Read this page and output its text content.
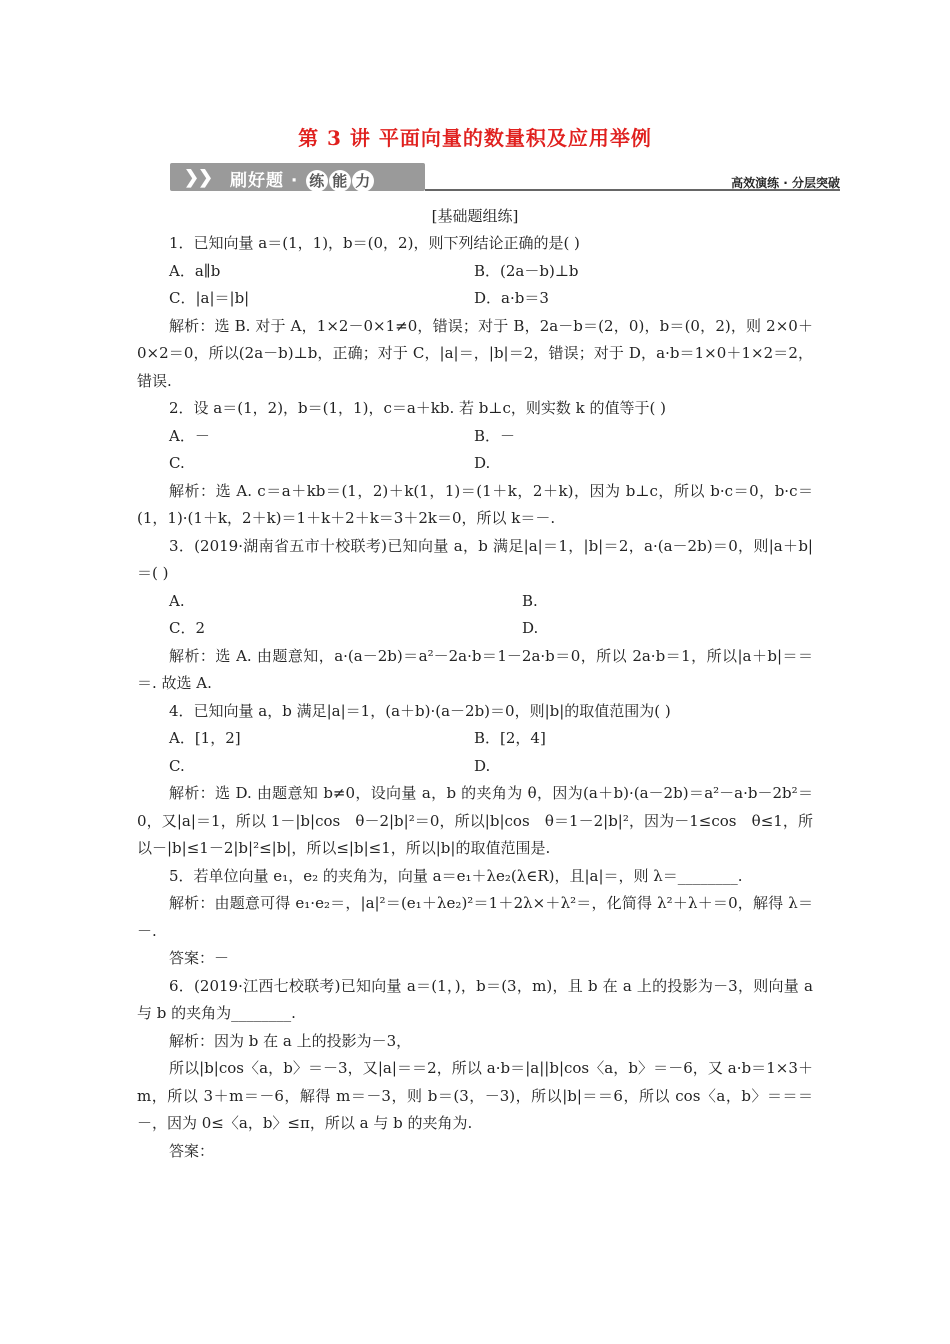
第 3 讲 平面向量的数量积及应用举例
❯
❯ 刷好题 · 练 能 力	高效演练 · 分层突破
[基础题组练]

1．已知向量 a＝(1，1)，b＝(0，2)，则下列结论正确的是( )

A．a∥b	B．(2a－b)⊥b
C．|a|＝|b|	D．a·b＝3

解析：选 B. 对于 A，1×2－0×1≠0，错误；对于 B，2a－b＝(2，0)，b＝(0，2)，则 2×0＋0×2＝0，所以(2a－b)⊥b，正确；对于 C，|a|＝，|b|＝2，错误；对于 D，a·b＝1×0＋1×2＝2，错误.

2．设 a＝(1，2)，b＝(1，1)，c＝a＋kb. 若 b⊥c，则实数 k 的值等于( )

A．－	B．－
C.	D.

解析：选 A. c＝a＋kb＝(1，2)＋k(1，1)＝(1＋k，2＋k)，因为 b⊥c，所以 b·c＝0，b·c＝(1，1)·(1＋k，2＋k)＝1＋k＋2＋k＝3＋2k＝0，所以 k＝－.

3．(2019·湖南省五市十校联考)已知向量 a，b 满足|a|＝1，|b|＝2，a·(a－2b)＝0，则|a＋b|＝( )

A.	B.
C．2	D.

解析：选 A. 由题意知，a·(a－2b)＝a²－2a·b＝1－2a·b＝0，所以 2a·b＝1，所以|a＋b|＝＝＝. 故选 A.

4．已知向量 a，b 满足|a|＝1，(a＋b)·(a－2b)＝0，则|b|的取值范围为( )

A．[1，2]	B．[2，4]
C.	D.

解析：选 D. 由题意知 b≠0，设向量 a，b 的夹角为 θ，因为(a＋b)·(a－2b)＝a²－a·b－2b²＝0，又|a|＝1，所以 1－|b|cos　θ－2|b|²＝0，所以|b|cos　θ＝1－2|b|²，因为－1≤cos　θ≤1，所以－|b|≤1－2|b|²≤|b|，所以≤|b|≤1，所以|b|的取值范围是.

5．若单位向量 e₁，e₂ 的夹角为，向量 a＝e₁＋λe₂(λ∈R)，且|a|＝，则 λ＝________.

解析：由题意可得 e₁·e₂＝，|a|²＝(e₁＋λe₂)²＝1＋2λ×＋λ²＝，化简得 λ²＋λ＋＝0，解得 λ＝－.

答案：－

6．(2019·江西七校联考)已知向量 a＝(1，)，b＝(3，m)，且 b 在 a 上的投影为－3，则向量 a 与 b 的夹角为________.

解析：因为 b 在 a 上的投影为－3，

所以|b|cos〈a，b〉＝－3，又|a|＝＝2，所以 a·b＝|a||b|cos〈a，b〉＝－6，又 a·b＝1×3＋m，所以 3＋m＝－6，解得 m＝－3，则 b＝(3，－3)，所以|b|＝＝6，所以 cos〈a，b〉＝＝＝－，因为 0≤〈a，b〉≤π，所以 a 与 b 的夹角为.

答案：
